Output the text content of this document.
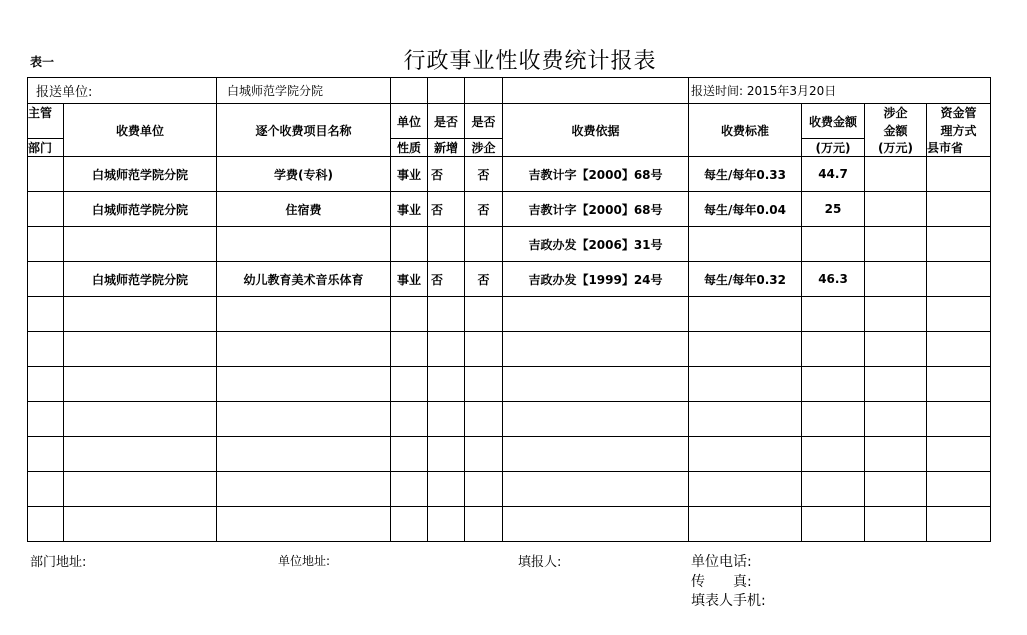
表一	行政事业性收费统计报表
报送单位:		白城师范学院分院					报送时间: 2015年3月20日			
主管	收费单位	逐个收费项目名称	单位	是否	是否	收费依据	收费标准	收费金额	涉企	资金管
									金额	理方式
部门			性质	新增	涉企			(万元)	(万元)	县市省
	白城师范学院分院	学费(专科)	事业	否	否	吉教计字【2000】68号	每生/每年0.33	44.7		
	白城师范学院分院	住宿费	事业	否	否	吉教计字【2000】68号	每生/每年0.04	25		
						吉政办发【2006】31号				
	白城师范学院分院	幼儿教育美术音乐体育	事业	否	否	吉政办发【1999】24号	每生/每年0.32	46.3		

部门地址:	单位地址:	填报人:	单位电话:
传　　真:
填表人手机:
